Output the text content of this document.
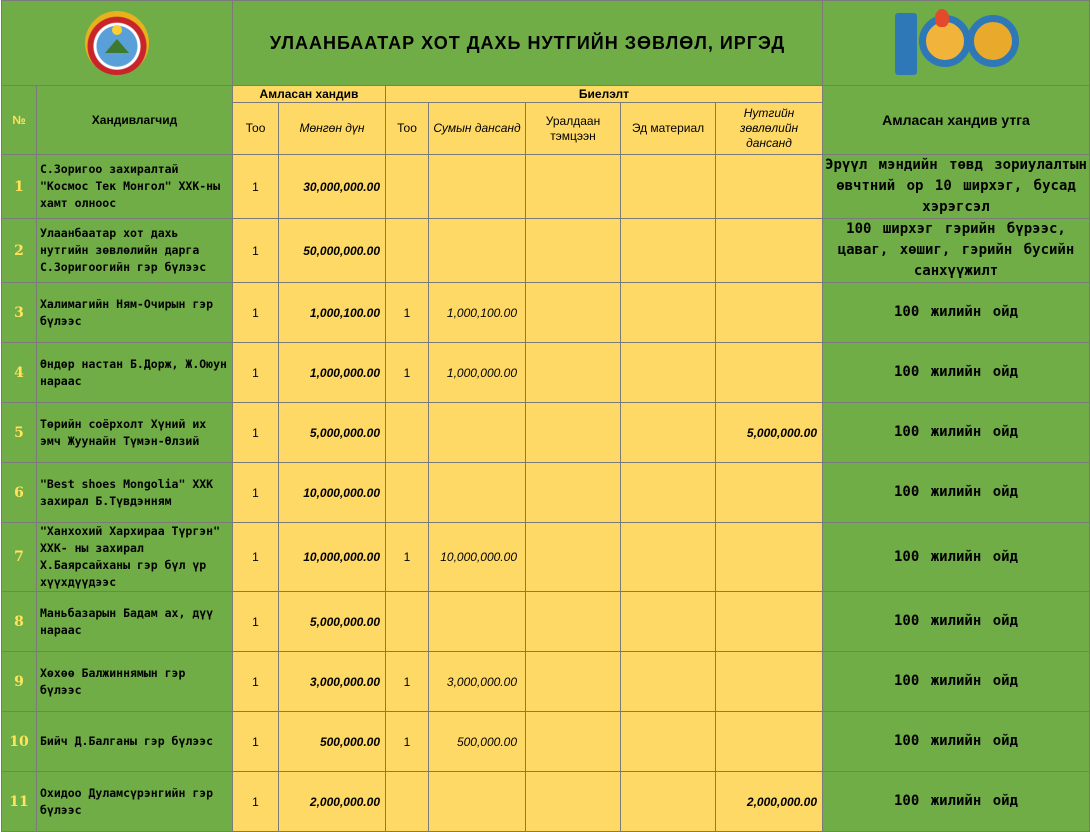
		УЛААНБААТАР ХОТ ДАХЬ НУТГИЙН ЗӨВЛӨЛ, ИРГЭД							

№	Хандивлагчид	Амласан хандив		Биелэлт					Амласан хандив утга
		Тоо	Мөнгөн дүн	Тоо	Сумын дансанд	Уралдаан тэмцээн	Эд материал	Нутгийн зөвлөлийн дансанд	
1	С.Зоригоо захиралтай "Космос Тек Монгол" ХХК-ны хамт олноос	1	30,000,000.00						Эрүүл мэндийн төвд зориулалтын өвчтний ор 10 ширхэг, бусад хэрэгсэл
2	Улаанбаатар хот дахь нутгийн зөвлөлийн дарга С.Зоригоогийн гэр бүлээс	1	50,000,000.00						100 ширхэг гэрийн бүрээс, цаваг, хөшиг, гэрийн бусийн санхүүжилт
3	Халимагийн Ням-Очирын гэр бүлээс	1	1,000,100.00	1	1,000,100.00				100 жилийн ойд
4	Өндөр настан Б.Дорж, Ж.Оюун нараас	1	1,000,000.00	1	1,000,000.00				100 жилийн ойд
5	Төрийн соёрхолт Хүний их эмч Жуунайн Түмэн-Өлзий	1	5,000,000.00					5,000,000.00	100 жилийн ойд
6	"Best shoes Mongolia" ХХК захирал Б.Түвдэнням	1	10,000,000.00						100 жилийн ойд
7	"Ханхохий Хархираа Түргэн" ХХК- ны захирал Х.Баярсайханы гэр бүл үр хүүхдүүдээс	1	10,000,000.00	1	10,000,000.00				100 жилийн ойд
8	Маньбазарын Бадам ах, дүү нараас	1	5,000,000.00						100 жилийн ойд
9	Хөхөө Балжиннямын гэр бүлээс	1	3,000,000.00	1	3,000,000.00				100 жилийн ойд
10	Бийч Д.Балганы гэр бүлээс	1	500,000.00	1	500,000.00				100 жилийн ойд
11	Охидоо Дуламсүрэнгийн гэр бүлээс	1	2,000,000.00					2,000,000.00	100 жилийн ойд
